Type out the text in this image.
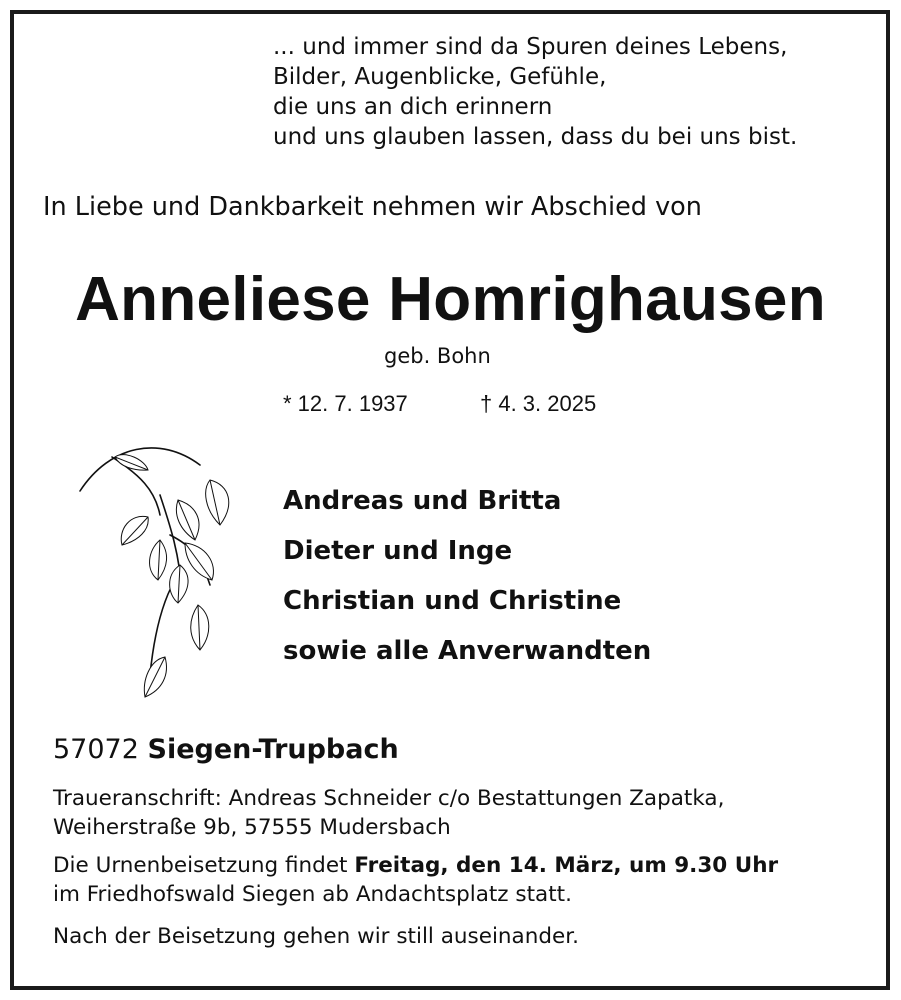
... und immer sind da Spuren deines Lebens,
Bilder, Augenblicke, Gefühle,
die uns an dich erinnern
und uns glauben lassen, dass du bei uns bist.
In Liebe und Dankbarkeit nehmen wir Abschied von
Anneliese Homrighausen
geb. Bohn
* 12. 7. 1937	† 4. 3. 2025
Andreas und Britta
Dieter und Inge
Christian und Christine
sowie alle Anverwandten
57072 Siegen-Trupbach
Traueranschrift: Andreas Schneider c/o Bestattungen Zapatka,
Weiherstraße 9b, 57555 Mudersbach
Die Urnenbeisetzung findet Freitag, den 14. März, um 9.30 Uhr
im Friedhofswald Siegen ab Andachtsplatz statt.
Nach der Beisetzung gehen wir still auseinander.
